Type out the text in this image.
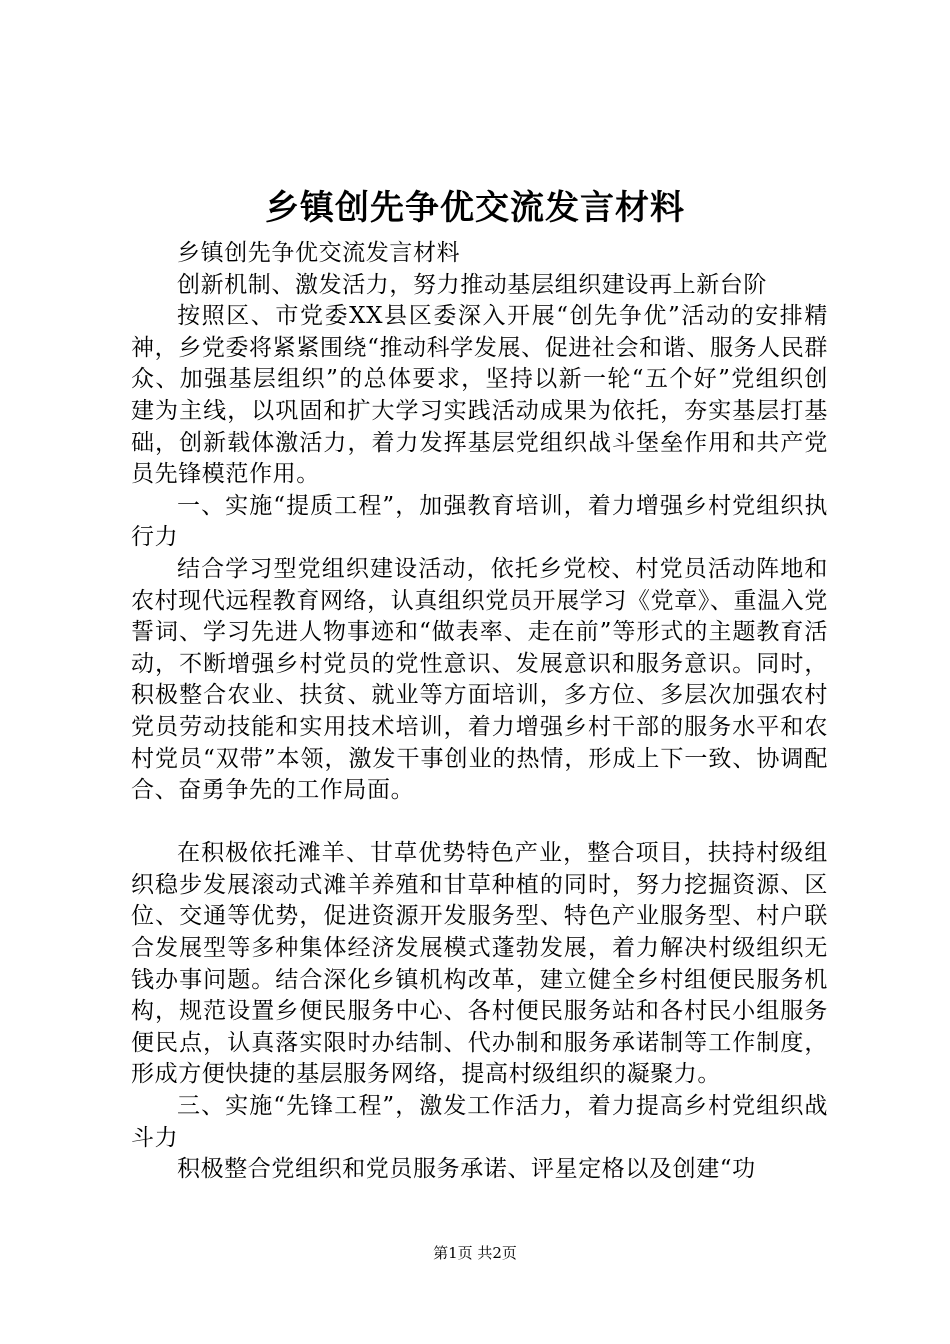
乡镇创先争优交流发言材料

乡镇创先争优交流发言材料

创新机制、激发活力，努力推动基层组织建设再上新台阶

按照区、市党委XX县区委深入开展“创先争优”活动的安排精神，乡党委将紧紧围绕“推动科学发展、促进社会和谐、服务人民群众、加强基层组织”的总体要求，坚持以新一轮“五个好”党组织创建为主线，以巩固和扩大学习实践活动成果为依托，夯实基层打基础，创新载体激活力，着力发挥基层党组织战斗堡垒作用和共产党员先锋模范作用。

一、实施“提质工程”，加强教育培训，着力增强乡村党组织执行力

结合学习型党组织建设活动，依托乡党校、村党员活动阵地和农村现代远程教育网络，认真组织党员开展学习《党章》、重温入党誓词、学习先进人物事迹和“做表率、走在前”等形式的主题教育活动，不断增强乡村党员的党性意识、发展意识和服务意识。同时，积极整合农业、扶贫、就业等方面培训，多方位、多层次加强农村党员劳动技能和实用技术培训，着力增强乡村干部的服务水平和农村党员“双带”本领，激发干事创业的热情，形成上下一致、协调配合、奋勇争先的工作局面。

在积极依托滩羊、甘草优势特色产业，整合项目，扶持村级组织稳步发展滚动式滩羊养殖和甘草种植的同时，努力挖掘资源、区位、交通等优势，促进资源开发服务型、特色产业服务型、村户联合发展型等多种集体经济发展模式蓬勃发展，着力解决村级组织无钱办事问题。结合深化乡镇机构改革，建立健全乡村组便民服务机构，规范设置乡便民服务中心、各村便民服务站和各村民小组服务便民点，认真落实限时办结制、代办制和服务承诺制等工作制度，形成方便快捷的基层服务网络，提高村级组织的凝聚力。

三、实施“先锋工程”，激发工作活力，着力提高乡村党组织战斗力

积极整合党组织和党员服务承诺、评星定格以及创建“功

第1页 共2页
